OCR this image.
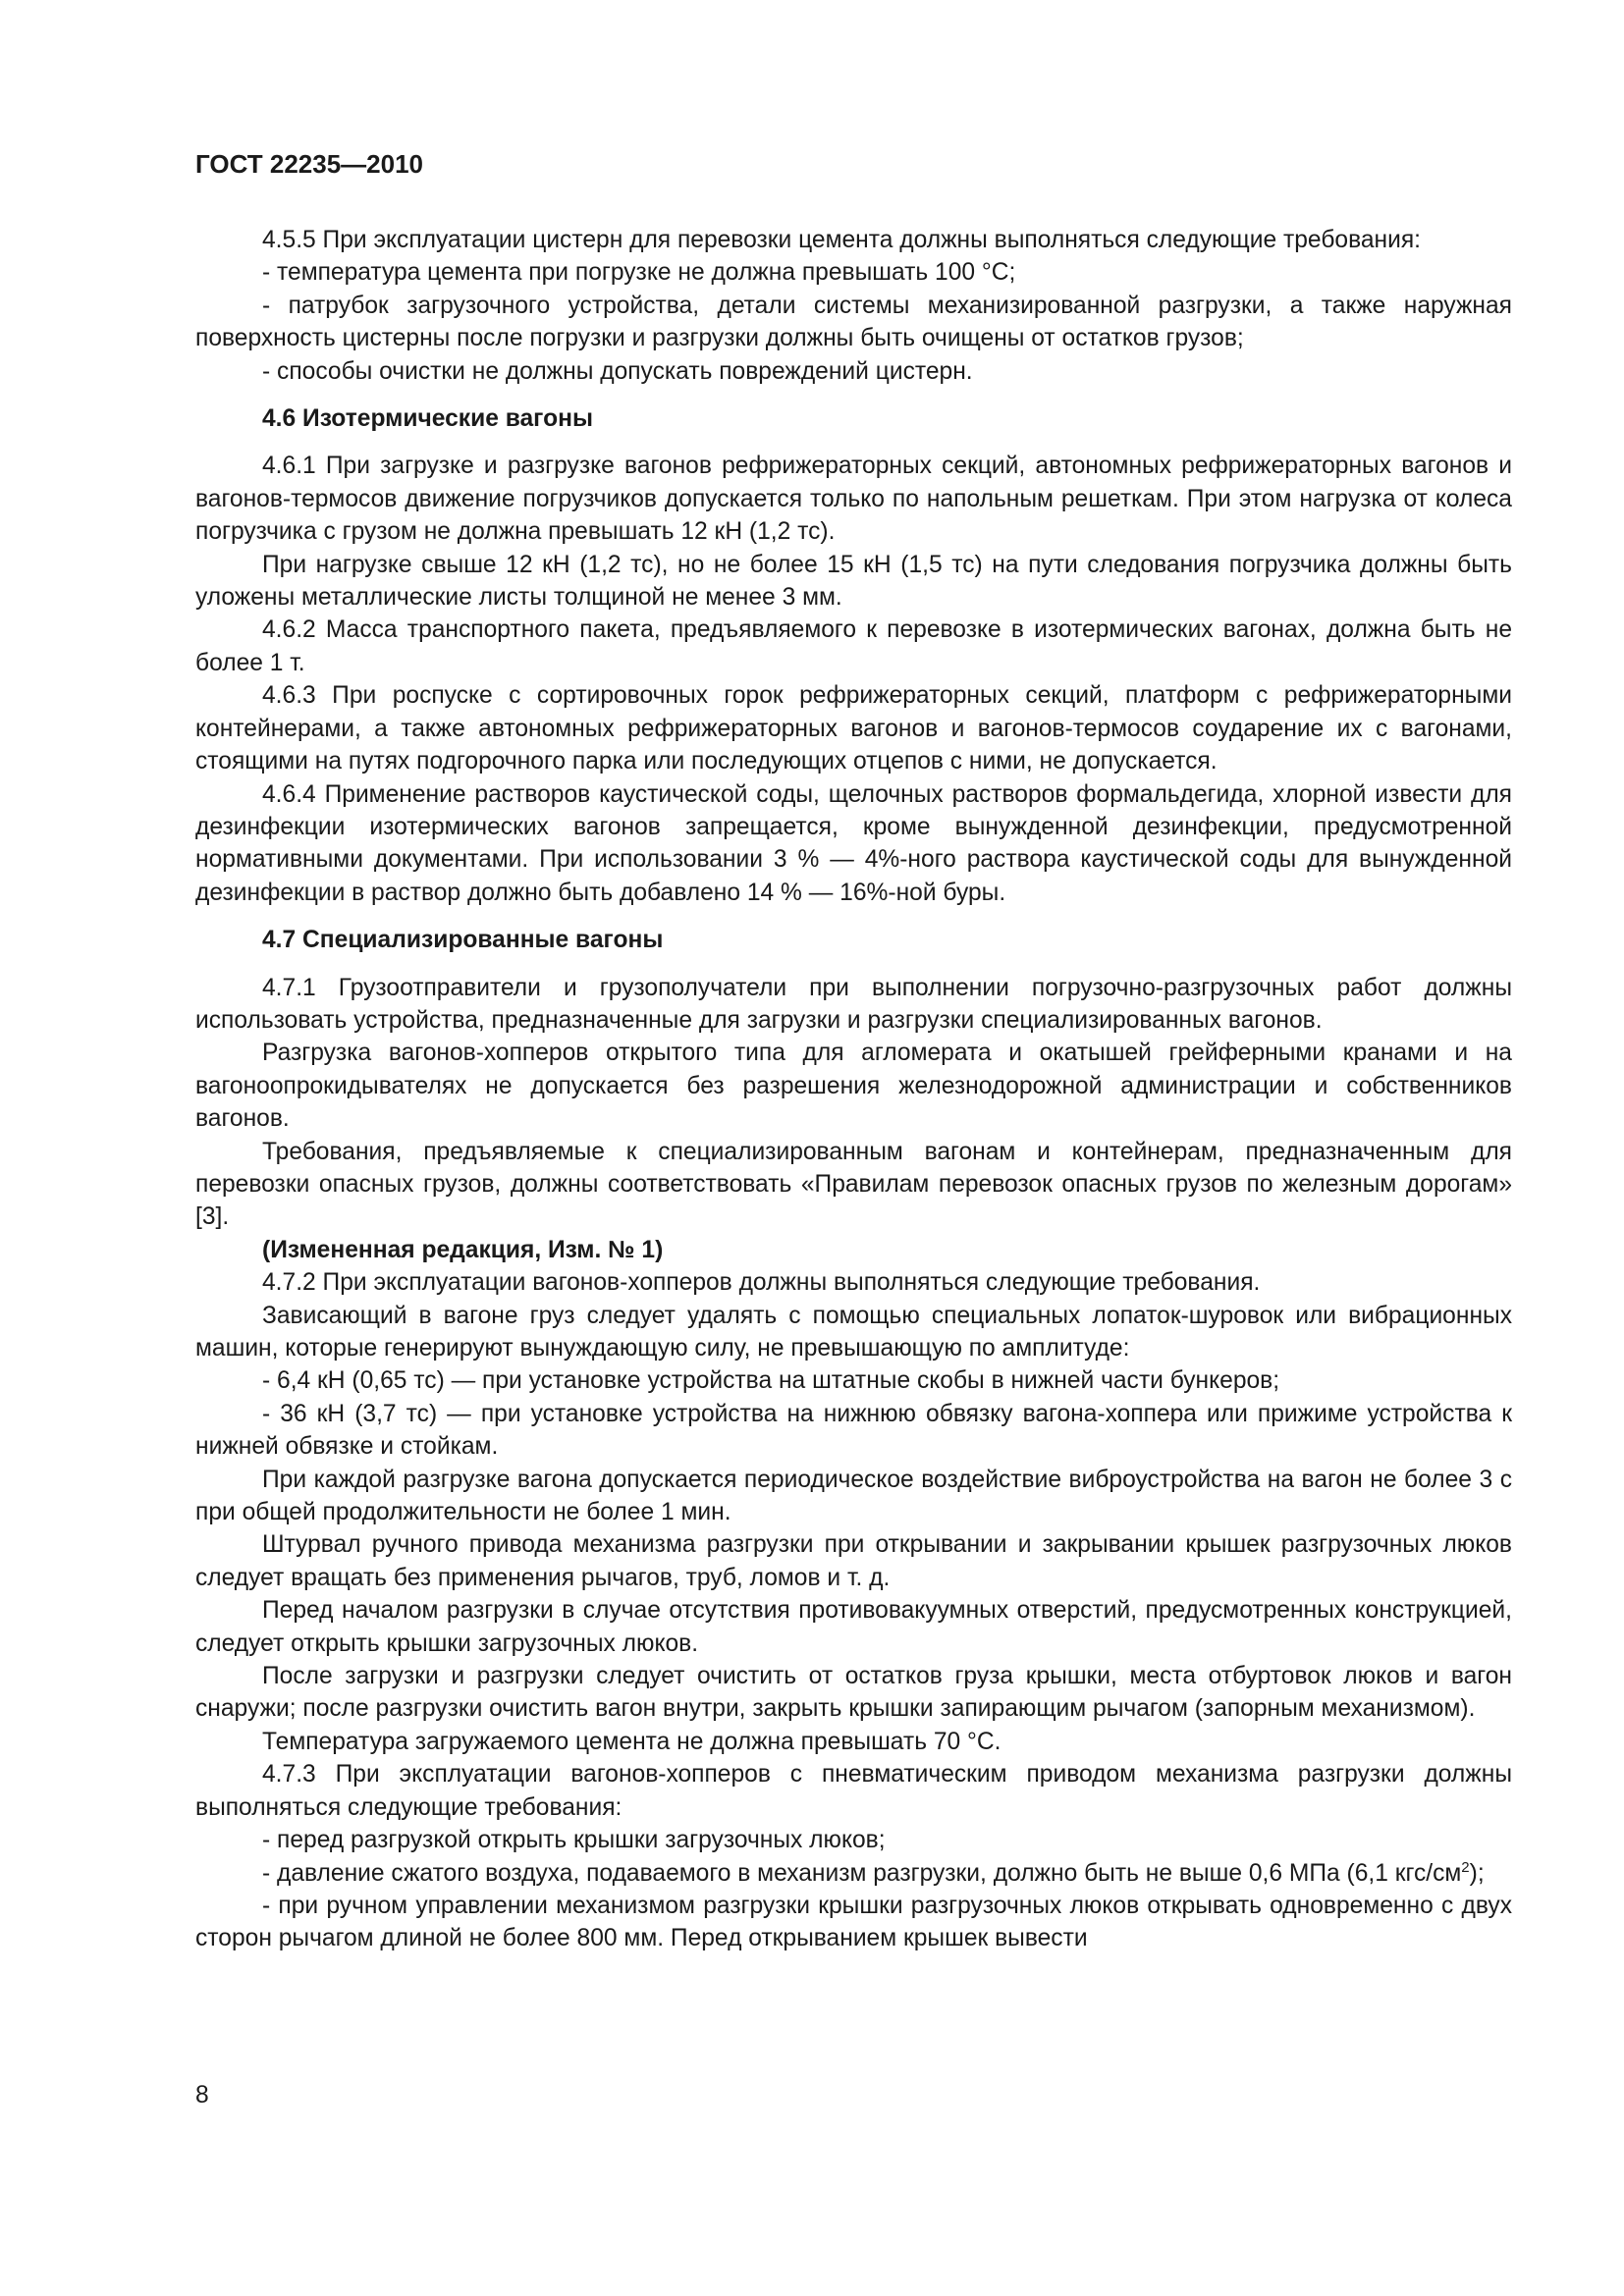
ГОСТ 22235—2010

4.5.5 При эксплуатации цистерн для перевозки цемента должны выполняться следующие требования:

- температура цемента при погрузке не должна превышать 100 °С;

- патрубок загрузочного устройства, детали системы механизированной разгрузки, а также наружная поверхность цистерны после погрузки и разгрузки должны быть очищены от остатков грузов;

- способы очистки не должны допускать повреждений цистерн.

4.6 Изотермические вагоны

4.6.1 При загрузке и разгрузке вагонов рефрижераторных секций, автономных рефрижераторных вагонов и вагонов-термосов движение погрузчиков допускается только по напольным решеткам. При этом нагрузка от колеса погрузчика с грузом не должна превышать 12 кН (1,2 тс).

При нагрузке свыше 12 кН (1,2 тс), но не более 15 кН (1,5 тс) на пути следования погрузчика должны быть уложены металлические листы толщиной не менее 3 мм.

4.6.2 Масса транспортного пакета, предъявляемого к перевозке в изотермических вагонах, должна быть не более 1 т.

4.6.3 При роспуске с сортировочных горок рефрижераторных секций, платформ с рефрижераторными контейнерами, а также автономных рефрижераторных вагонов и вагонов-термосов соударение их с вагонами, стоящими на путях подгорочного парка или последующих отцепов с ними, не допускается.

4.6.4 Применение растворов каустической соды, щелочных растворов формальдегида, хлорной извести для дезинфекции изотермических вагонов запрещается, кроме вынужденной дезинфекции, предусмотренной нормативными документами. При использовании 3 % — 4%-ного раствора каустической соды для вынужденной дезинфекции в раствор должно быть добавлено 14 % — 16%-ной буры.

4.7 Специализированные вагоны

4.7.1 Грузоотправители и грузополучатели при выполнении погрузочно-разгрузочных работ должны использовать устройства, предназначенные для загрузки и разгрузки специализированных вагонов.

Разгрузка вагонов-хопперов открытого типа для агломерата и окатышей грейферными кранами и на вагоноопрокидывателях не допускается без разрешения железнодорожной администрации и собственников вагонов.

Требования, предъявляемые к специализированным вагонам и контейнерам, предназначенным для перевозки опасных грузов, должны соответствовать «Правилам перевозок опасных грузов по железным дорогам» [3].

(Измененная редакция, Изм. № 1)

4.7.2 При эксплуатации вагонов-хопперов должны выполняться следующие требования.

Зависающий в вагоне груз следует удалять с помощью специальных лопаток-шуровок или вибрационных машин, которые генерируют вынуждающую силу, не превышающую по амплитуде:

- 6,4 кН (0,65 тс) — при установке устройства на штатные скобы в нижней части бункеров;

- 36 кН (3,7 тс) — при установке устройства на нижнюю обвязку вагона-хоппера или прижиме устройства к нижней обвязке и стойкам.

При каждой разгрузке вагона допускается периодическое воздействие виброустройства на вагон не более 3 с при общей продолжительности не более 1 мин.

Штурвал ручного привода механизма разгрузки при открывании и закрывании крышек разгрузочных люков следует вращать без применения рычагов, труб, ломов и т. д.

Перед началом разгрузки в случае отсутствия противовакуумных отверстий, предусмотренных конструкцией, следует открыть крышки загрузочных люков.

После загрузки и разгрузки следует очистить от остатков груза крышки, места отбуртовок люков и вагон снаружи; после разгрузки очистить вагон внутри, закрыть крышки запирающим рычагом (запорным механизмом).

Температура загружаемого цемента не должна превышать 70 °С.

4.7.3 При эксплуатации вагонов-хопперов с пневматическим приводом механизма разгрузки должны выполняться следующие требования:

- перед разгрузкой открыть крышки загрузочных люков;

- давление сжатого воздуха, подаваемого в механизм разгрузки, должно быть не выше 0,6 МПа (6,1 кгс/$см^2$);

- при ручном управлении механизмом разгрузки крышки разгрузочных люков открывать одновременно с двух сторон рычагом длиной не более 800 мм. Перед открыванием крышек вывести

8
